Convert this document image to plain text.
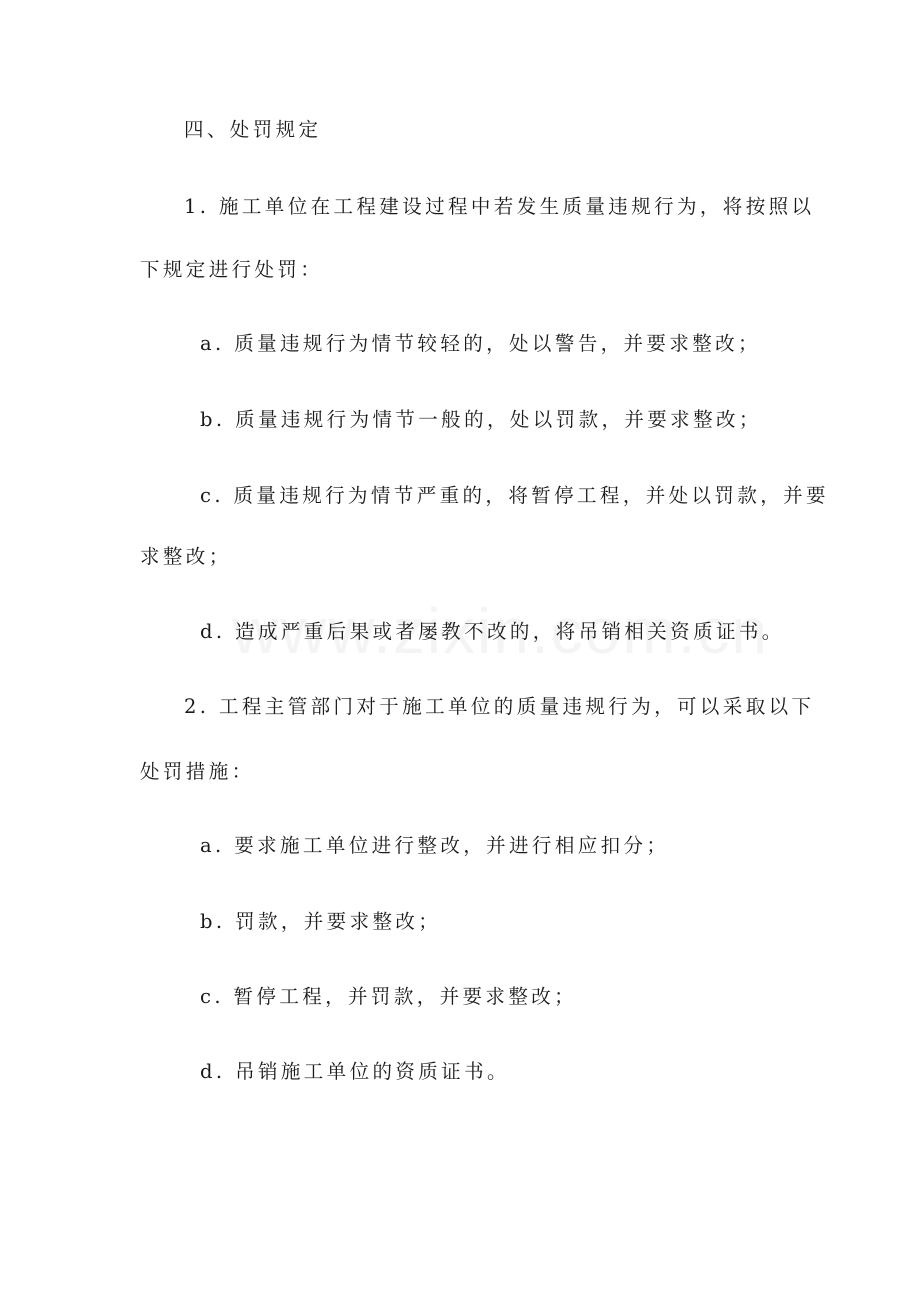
四、处罚规定
1. 施工单位在工程建设过程中若发生质量违规行为，将按照以
下规定进行处罚：
a. 质量违规行为情节较轻的，处以警告，并要求整改；
b. 质量违规行为情节一般的，处以罚款，并要求整改；
c. 质量违规行为情节严重的，将暂停工程，并处以罚款，并要
求整改；
d. 造成严重后果或者屡教不改的，将吊销相关资质证书。
2. 工程主管部门对于施工单位的质量违规行为，可以采取以下
处罚措施：
a. 要求施工单位进行整改，并进行相应扣分；
b. 罚款，并要求整改；
c. 暂停工程，并罚款，并要求整改；
d. 吊销施工单位的资质证书。
